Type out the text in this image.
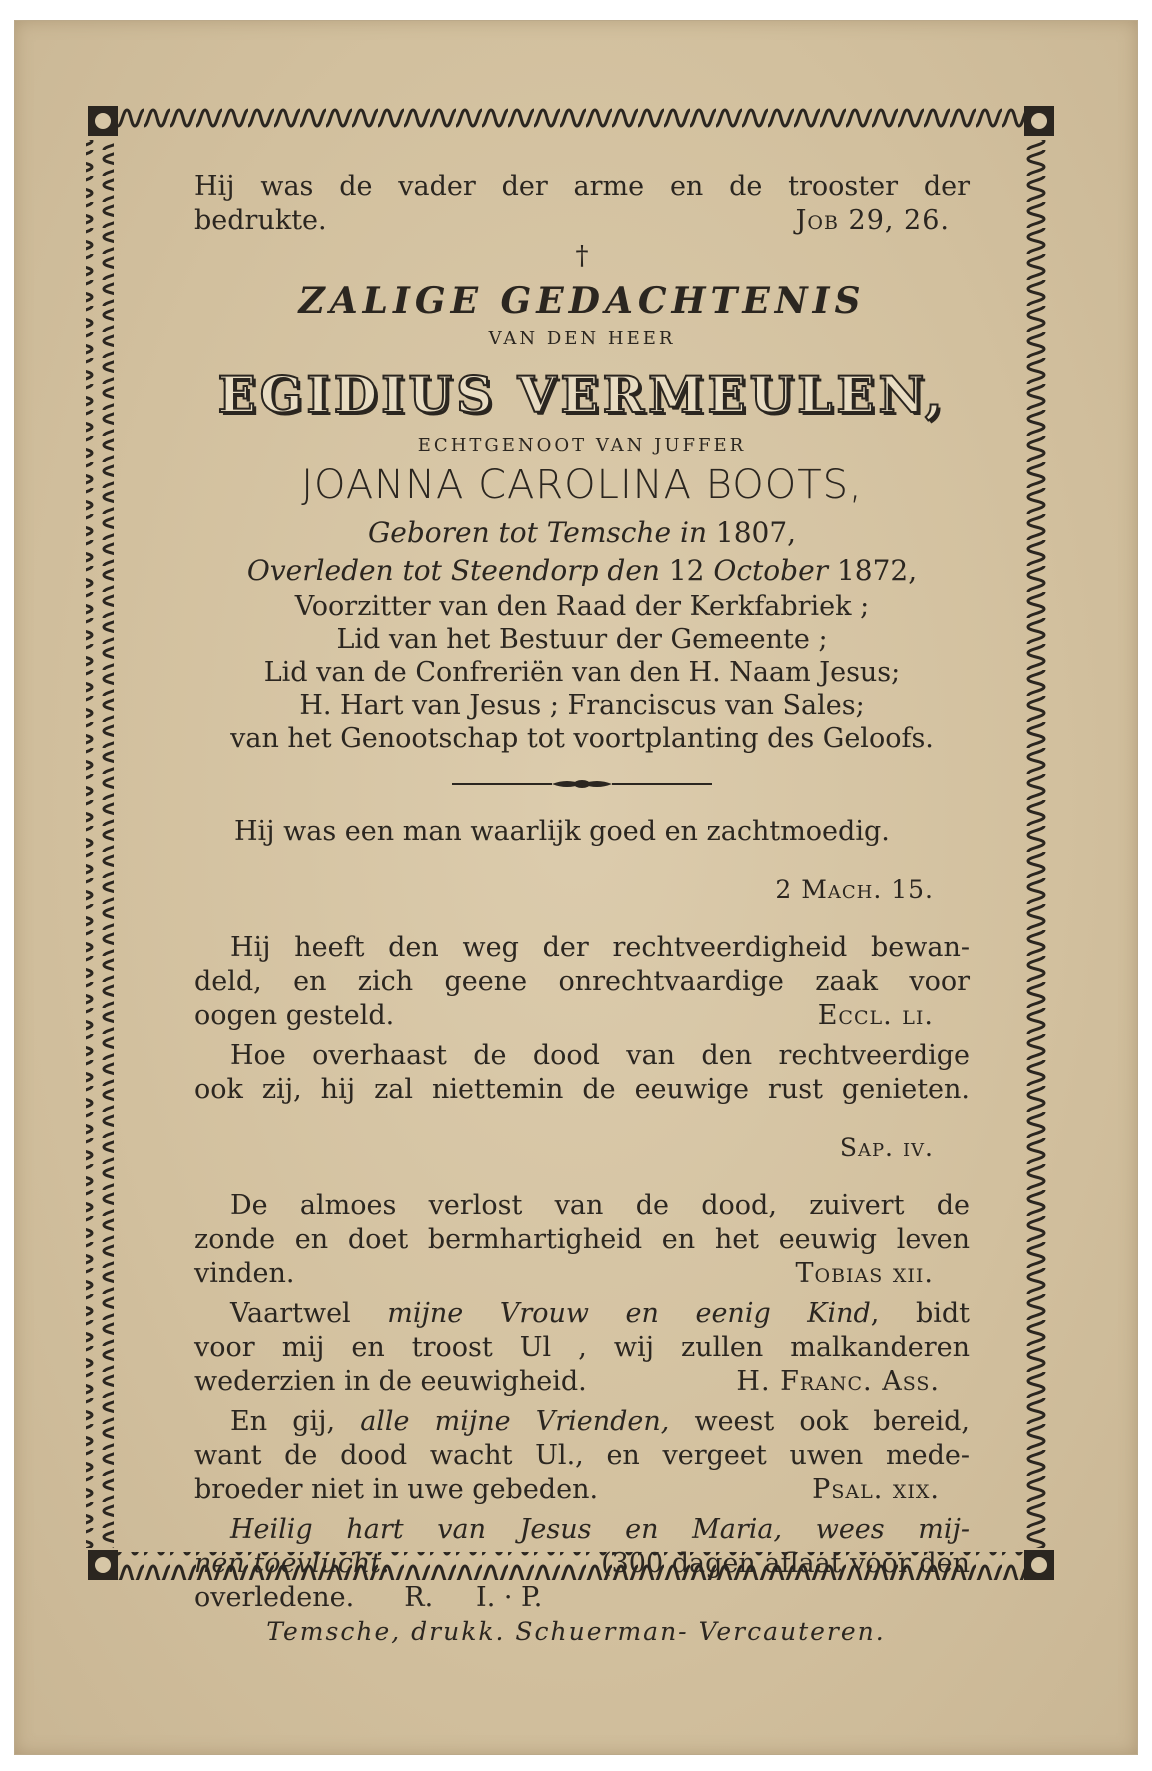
Hij was de vader der arme en de trooster der

bedrukte.	Job 29, 26.

†

ZALIGE GEDACHTENIS

VAN DEN HEER

EGIDIUS VERMEULEN,

ECHTGENOOT VAN JUFFER

JOANNA CAROLINA BOOTS,

Geboren tot Temsche in 1807,

Overleden tot Steendorp den 12 October 1872,

Voorzitter van den Raad der Kerkfabriek ;

Lid van het Bestuur der Gemeente ;

Lid van de Confreriën van den H. Naam Jesus;

H. Hart van Jesus ; Franciscus van Sales;

van het Genootschap tot voortplanting des Geloofs.

Hij was een man waarlijk goed en zachtmoedig.

2 Mach. 15.

Hij heeft den weg der rechtveerdigheid bewan-

deld, en zich geene onrechtvaardige zaak voor

oogen gesteld.	Eccl. li.

Hoe overhaast de dood van den rechtveerdige

ook zij, hij zal niettemin de eeuwige rust genieten.

Sap. iv.

De almoes verlost van de dood, zuivert de

zonde en doet bermhartigheid en het eeuwig leven

vinden.	Tobias xii.

Vaartwel mijne Vrouw en eenig Kind, bidt

voor mij en troost Ul , wij zullen malkanderen

wederzien in de eeuwigheid.	H. Franc. Ass.

En gij, alle mijne Vrienden, weest ook bereid,

want de dood wacht Ul., en vergeet uwen mede-

broeder niet in uwe gebeden.	Psal. xix.

Heilig hart van Jesus en Maria, wees mij-

nen toevlucht.	(300 dagen aflaat voor den
overledene. R.     I. · P.
Temsche, drukk. Schuerman- Vercauteren.
